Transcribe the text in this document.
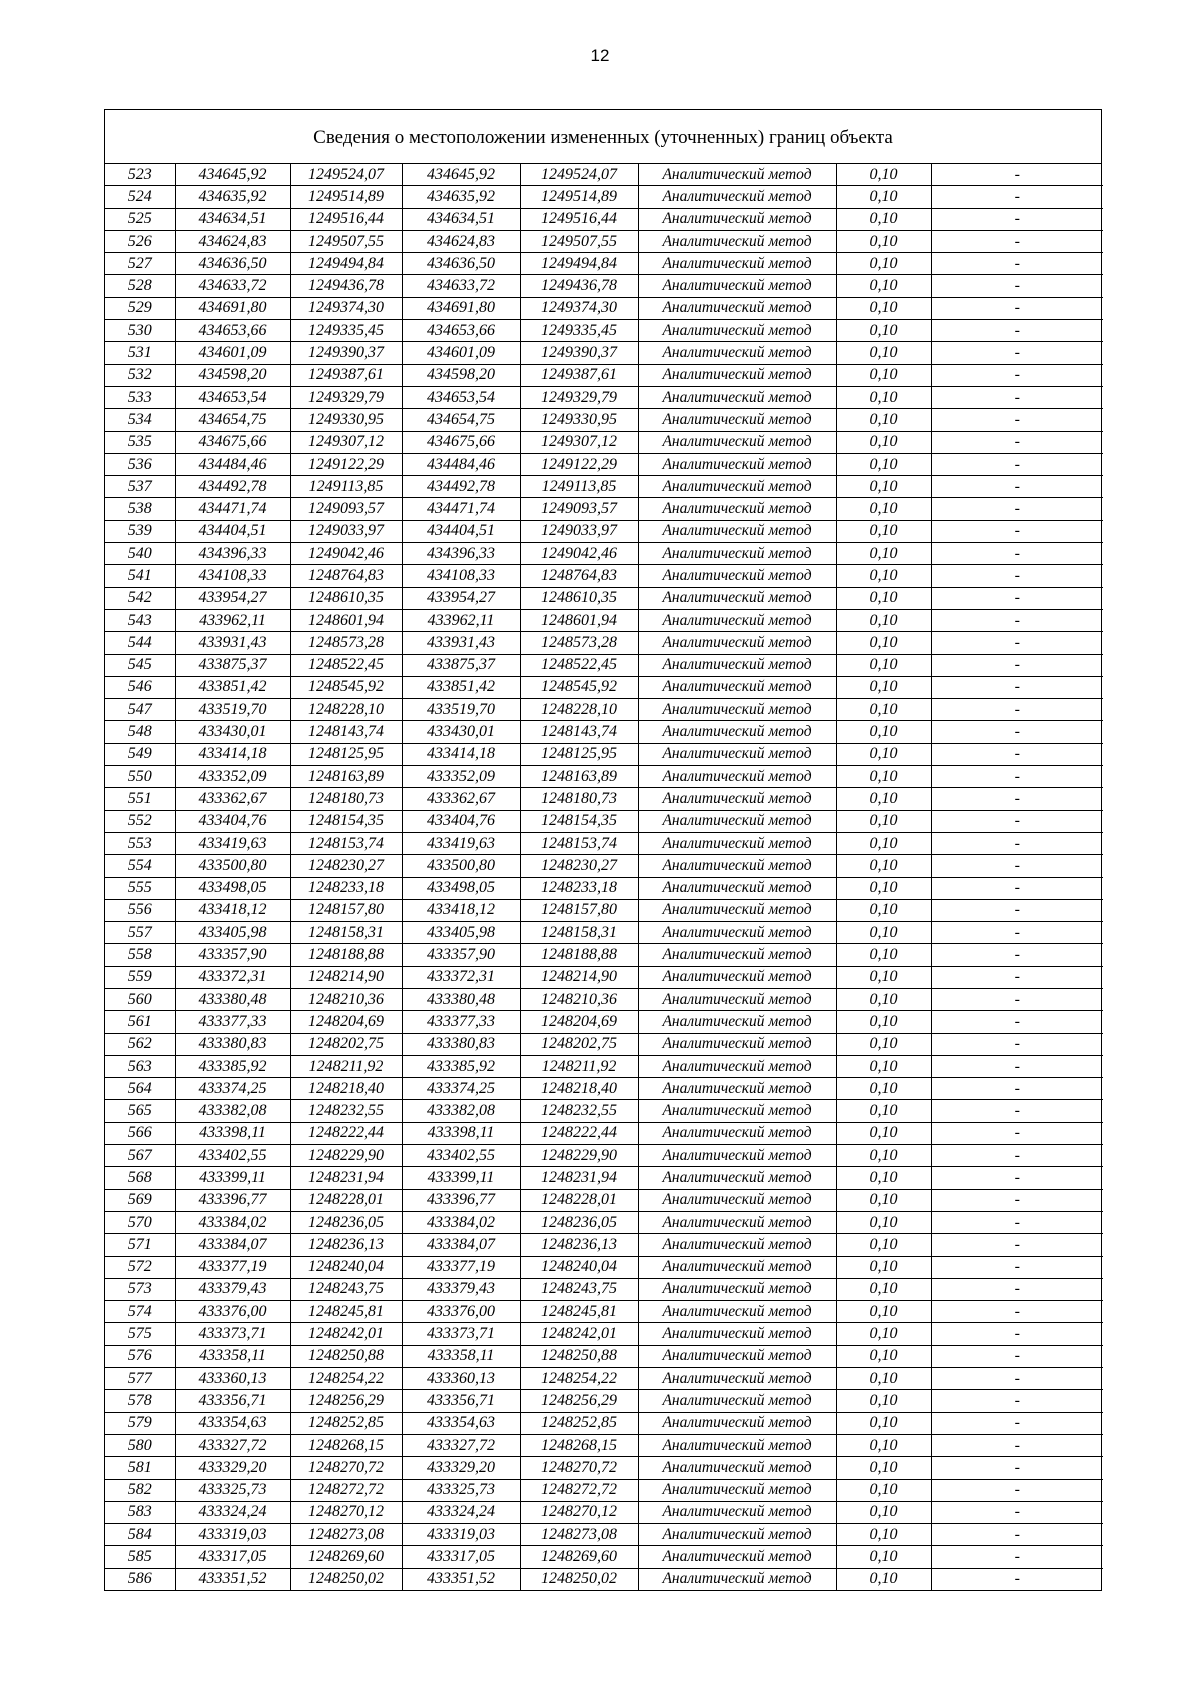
12
Сведения о местоположении измененных (уточненных) границ объекта
523	434645,92	1249524,07	434645,92	1249524,07	Аналитический метод	0,10	-
524	434635,92	1249514,89	434635,92	1249514,89	Аналитический метод	0,10	-
525	434634,51	1249516,44	434634,51	1249516,44	Аналитический метод	0,10	-
526	434624,83	1249507,55	434624,83	1249507,55	Аналитический метод	0,10	-
527	434636,50	1249494,84	434636,50	1249494,84	Аналитический метод	0,10	-
528	434633,72	1249436,78	434633,72	1249436,78	Аналитический метод	0,10	-
529	434691,80	1249374,30	434691,80	1249374,30	Аналитический метод	0,10	-
530	434653,66	1249335,45	434653,66	1249335,45	Аналитический метод	0,10	-
531	434601,09	1249390,37	434601,09	1249390,37	Аналитический метод	0,10	-
532	434598,20	1249387,61	434598,20	1249387,61	Аналитический метод	0,10	-
533	434653,54	1249329,79	434653,54	1249329,79	Аналитический метод	0,10	-
534	434654,75	1249330,95	434654,75	1249330,95	Аналитический метод	0,10	-
535	434675,66	1249307,12	434675,66	1249307,12	Аналитический метод	0,10	-
536	434484,46	1249122,29	434484,46	1249122,29	Аналитический метод	0,10	-
537	434492,78	1249113,85	434492,78	1249113,85	Аналитический метод	0,10	-
538	434471,74	1249093,57	434471,74	1249093,57	Аналитический метод	0,10	-
539	434404,51	1249033,97	434404,51	1249033,97	Аналитический метод	0,10	-
540	434396,33	1249042,46	434396,33	1249042,46	Аналитический метод	0,10	-
541	434108,33	1248764,83	434108,33	1248764,83	Аналитический метод	0,10	-
542	433954,27	1248610,35	433954,27	1248610,35	Аналитический метод	0,10	-
543	433962,11	1248601,94	433962,11	1248601,94	Аналитический метод	0,10	-
544	433931,43	1248573,28	433931,43	1248573,28	Аналитический метод	0,10	-
545	433875,37	1248522,45	433875,37	1248522,45	Аналитический метод	0,10	-
546	433851,42	1248545,92	433851,42	1248545,92	Аналитический метод	0,10	-
547	433519,70	1248228,10	433519,70	1248228,10	Аналитический метод	0,10	-
548	433430,01	1248143,74	433430,01	1248143,74	Аналитический метод	0,10	-
549	433414,18	1248125,95	433414,18	1248125,95	Аналитический метод	0,10	-
550	433352,09	1248163,89	433352,09	1248163,89	Аналитический метод	0,10	-
551	433362,67	1248180,73	433362,67	1248180,73	Аналитический метод	0,10	-
552	433404,76	1248154,35	433404,76	1248154,35	Аналитический метод	0,10	-
553	433419,63	1248153,74	433419,63	1248153,74	Аналитический метод	0,10	-
554	433500,80	1248230,27	433500,80	1248230,27	Аналитический метод	0,10	-
555	433498,05	1248233,18	433498,05	1248233,18	Аналитический метод	0,10	-
556	433418,12	1248157,80	433418,12	1248157,80	Аналитический метод	0,10	-
557	433405,98	1248158,31	433405,98	1248158,31	Аналитический метод	0,10	-
558	433357,90	1248188,88	433357,90	1248188,88	Аналитический метод	0,10	-
559	433372,31	1248214,90	433372,31	1248214,90	Аналитический метод	0,10	-
560	433380,48	1248210,36	433380,48	1248210,36	Аналитический метод	0,10	-
561	433377,33	1248204,69	433377,33	1248204,69	Аналитический метод	0,10	-
562	433380,83	1248202,75	433380,83	1248202,75	Аналитический метод	0,10	-
563	433385,92	1248211,92	433385,92	1248211,92	Аналитический метод	0,10	-
564	433374,25	1248218,40	433374,25	1248218,40	Аналитический метод	0,10	-
565	433382,08	1248232,55	433382,08	1248232,55	Аналитический метод	0,10	-
566	433398,11	1248222,44	433398,11	1248222,44	Аналитический метод	0,10	-
567	433402,55	1248229,90	433402,55	1248229,90	Аналитический метод	0,10	-
568	433399,11	1248231,94	433399,11	1248231,94	Аналитический метод	0,10	-
569	433396,77	1248228,01	433396,77	1248228,01	Аналитический метод	0,10	-
570	433384,02	1248236,05	433384,02	1248236,05	Аналитический метод	0,10	-
571	433384,07	1248236,13	433384,07	1248236,13	Аналитический метод	0,10	-
572	433377,19	1248240,04	433377,19	1248240,04	Аналитический метод	0,10	-
573	433379,43	1248243,75	433379,43	1248243,75	Аналитический метод	0,10	-
574	433376,00	1248245,81	433376,00	1248245,81	Аналитический метод	0,10	-
575	433373,71	1248242,01	433373,71	1248242,01	Аналитический метод	0,10	-
576	433358,11	1248250,88	433358,11	1248250,88	Аналитический метод	0,10	-
577	433360,13	1248254,22	433360,13	1248254,22	Аналитический метод	0,10	-
578	433356,71	1248256,29	433356,71	1248256,29	Аналитический метод	0,10	-
579	433354,63	1248252,85	433354,63	1248252,85	Аналитический метод	0,10	-
580	433327,72	1248268,15	433327,72	1248268,15	Аналитический метод	0,10	-
581	433329,20	1248270,72	433329,20	1248270,72	Аналитический метод	0,10	-
582	433325,73	1248272,72	433325,73	1248272,72	Аналитический метод	0,10	-
583	433324,24	1248270,12	433324,24	1248270,12	Аналитический метод	0,10	-
584	433319,03	1248273,08	433319,03	1248273,08	Аналитический метод	0,10	-
585	433317,05	1248269,60	433317,05	1248269,60	Аналитический метод	0,10	-
586	433351,52	1248250,02	433351,52	1248250,02	Аналитический метод	0,10	-
